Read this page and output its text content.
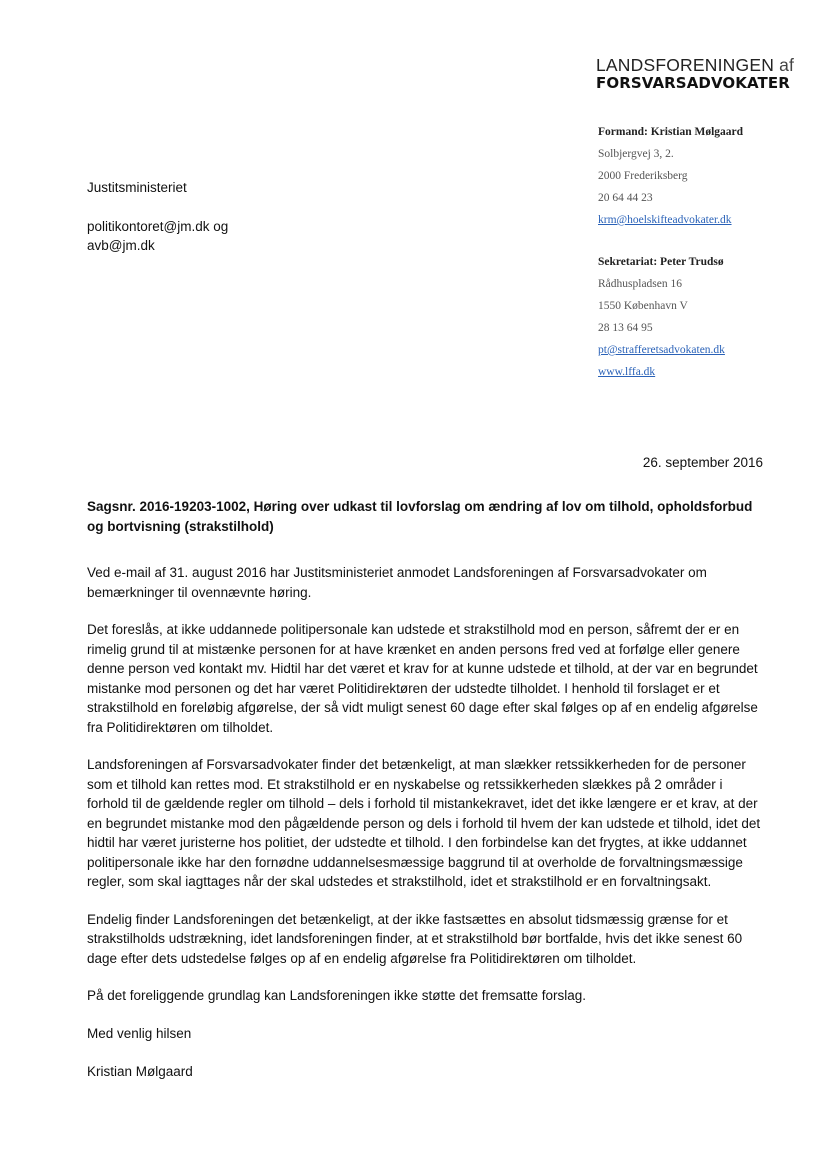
LANDSFORENINGEN af
FORSVARSADVOKATER
Formand: Kristian Mølgaard
Solbjergvej 3, 2.
2000 Frederiksberg
20 64 44 23
krm@hoelskifteadvokater.dk
Sekretariat: Peter Trudsø
Rådhuspladsen 16
1550 København V
28 13 64 95
pt@strafferetsadvokaten.dk
www.lffa.dk
Justitsministeriet
politikontoret@jm.dk og
avb@jm.dk
26. september 2016
Sagsnr. 2016-19203-1002, Høring over udkast til lovforslag om ændring af lov om tilhold, opholdsforbud og bortvisning (strakstilhold)

Ved e-mail af 31. august 2016 har Justitsministeriet anmodet Landsforeningen af Forsvarsadvokater om bemærkninger til ovennævnte høring.

Det foreslås, at ikke uddannede politipersonale kan udstede et strakstilhold mod en person, såfremt der er en rimelig grund til at mistænke personen for at have krænket en anden persons fred ved at forfølge eller genere denne person ved kontakt mv. Hidtil har det været et krav for at kunne udstede et tilhold, at der var en begrundet mistanke mod personen og det har været Politidirektøren der udstedte tilholdet. I henhold til forslaget er et strakstilhold en foreløbig afgørelse, der så vidt muligt senest 60 dage efter skal følges op af en endelig afgørelse fra Politidirektøren om tilholdet.

Landsforeningen af Forsvarsadvokater finder det betænkeligt, at man slækker retssikkerheden for de personer som et tilhold kan rettes mod. Et strakstilhold er en nyskabelse og retssikkerheden slækkes på 2 områder i forhold til de gældende regler om tilhold – dels i forhold til mistankekravet, idet det ikke længere er et krav, at der en begrundet mistanke mod den pågældende person og dels i forhold til hvem der kan udstede et tilhold, idet det hidtil har været juristerne hos politiet, der udstedte et tilhold. I den forbindelse kan det frygtes, at ikke uddannet politipersonale ikke har den fornødne uddannelsesmæssige baggrund til at overholde de forvaltningsmæssige regler, som skal iagttages når der skal udstedes et strakstilhold, idet et strakstilhold er en forvaltningsakt.

Endelig finder Landsforeningen det betænkeligt, at der ikke fastsættes en absolut tidsmæssig grænse for et strakstilholds udstrækning, idet landsforeningen finder, at et strakstilhold bør bortfalde, hvis det ikke senest 60 dage efter dets udstedelse følges op af en endelig afgørelse fra Politidirektøren om tilholdet.

På det foreliggende grundlag kan Landsforeningen ikke støtte det fremsatte forslag.

Med venlig hilsen
Kristian Mølgaard
